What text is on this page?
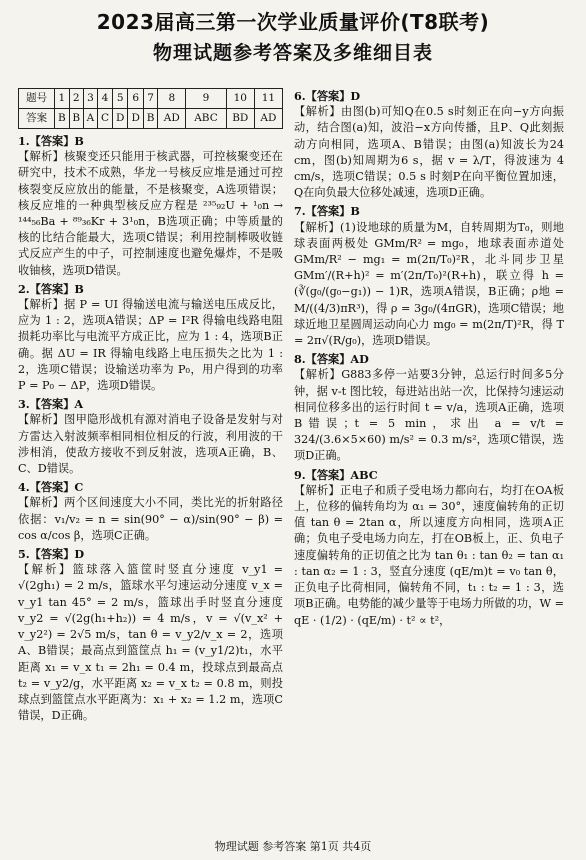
2023届高三第一次学业质量评价(T8联考)
物理试题参考答案及多维细目表
题号	1	2	3	4	5	6	7	8	9	10	11
答案	B	B	A	C	D	D	B	AD	ABC	BD	AD

1.【答案】B

【解析】核聚变还只能用于核武器，可控核聚变还在研究中，技术不成熟，华龙一号核反应堆是通过可控核裂变反应放出的能量，不是核聚变，A选项错误；核反应堆的一种典型核反应方程是 ²³⁵₉₂U + ¹₀n → ¹⁴⁴₅₆Ba + ⁸⁹₃₆Kr + 3¹₀n，B选项正确；中等质量的核的比结合能最大，选项C错误；利用控制棒吸收链式反应产生的中子，可控制速度也避免爆炸，不是吸收铀核，选项D错误。

2.【答案】B

【解析】据 P = UI 得输送电流与输送电压成反比，应为 1 : 2，选项A错误；ΔP = I²R 得输电线路电阻损耗功率比与电流平方成正比，应为 1 : 4，选项B正确。据 ΔU = IR 得输电线路上电压损失之比为 1 : 2，选项C错误；设输送功率为 P₀，用户得到的功率 P = P₀ − ΔP，选项D错误。

3.【答案】A

【解析】图甲隐形战机有源对消电子设备是发射与对方雷达入射波频率相同相位相反的行波，利用波的干涉相消，使敌方接收不到反射波，选项A正确，B、C、D错误。

4.【答案】C

【解析】两个区间速度大小不同，类比光的折射路径依据：v₁/v₂ = n = sin(90° − α)/sin(90° − β) = cos α/cos β，选项C正确。

5.【答案】D

【解析】篮球落入篮筐时竖直分速度 v_y1 = √(2gh₁) = 2 m/s，篮球水平匀速运动分速度 v_x = v_y1 tan 45° = 2 m/s，篮球出手时竖直分速度 v_y2 = √(2g(h₁+h₂)) = 4 m/s，v = √(v_x² + v_y2²) = 2√5 m/s，tan θ = v_y2/v_x = 2，选项A、B错误；最高点到篮筐点 h₁ = (v_y1/2)t₁，水平距离 x₁ = v_x t₁ = 2h₁ = 0.4 m，投球点到最高点 t₂ = v_y2/g，水平距离 x₂ = v_x t₂ = 0.8 m，则投球点到篮筐点水平距离为：x₁ + x₂ = 1.2 m，选项C错误，D正确。

6.【答案】D

【解析】由图(b)可知Q在0.5 s时刻正在向−y方向振动，结合图(a)知，波沿−x方向传播，且P、Q此刻振动方向相同，选项A、B错误；由图(a)知波长为24 cm，图(b)知周期为6 s，据 v = λ/T，得波速为 4 cm/s，选项C错误；0.5 s 时刻P在向平衡位置加速，Q在向负最大位移处减速，选项D正确。

7.【答案】B

【解析】(1)设地球的质量为M，自转周期为T₀，则地球表面两极处 GMm/R² = mg₀，地球表面赤道处 GMm/R² − mg₁ = m(2π/T₀)²R，北斗同步卫星 GMm′/(R+h)² = m′(2π/T₀)²(R+h)，联立得 h = (∛(g₀/(g₀−g₁)) − 1)R，选项A错误，B正确；ρ地 = M/((4/3)πR³)，得 ρ = 3g₀/(4πGR)，选项C错误；地球近地卫星圆周运动向心力 mg₀ = m(2π/T)²R，得 T = 2π√(R/g₀)，选项D错误。

8.【答案】AD

【解析】G883多停一站要3分钟，总运行时间多5分钟，据 v-t 图比较，每进站出站一次，比保持匀速运动相同位移多出的运行时间 t = v/a，选项A正确，选项B错误；t = 5 min，求出 a = v/t = 324/(3.6×5×60) m/s² = 0.3 m/s²，选项C错误，选项D正确。

9.【答案】ABC

【解析】正电子和质子受电场力都向右，均打在OA板上，位移的偏转角均为 α₁ = 30°，速度偏转角的正切值 tan θ = 2tan α，所以速度方向相同，选项A正确；负电子受电场力向左，打在OB板上，正、负电子速度偏转角的正切值之比为 tan θ₁ : tan θ₂ = tan α₁ : tan α₂ = 1 : 3，竖直分速度 (qE/m)t = v₀ tan θ，正负电子比荷相同，偏转角不同，t₁ : t₂ = 1 : 3，选项B正确。电势能的减少量等于电场力所做的功，W = qE · (1/2) · (qE/m) · t² ∝ t²，

物理试题 参考答案 第1页 共4页
